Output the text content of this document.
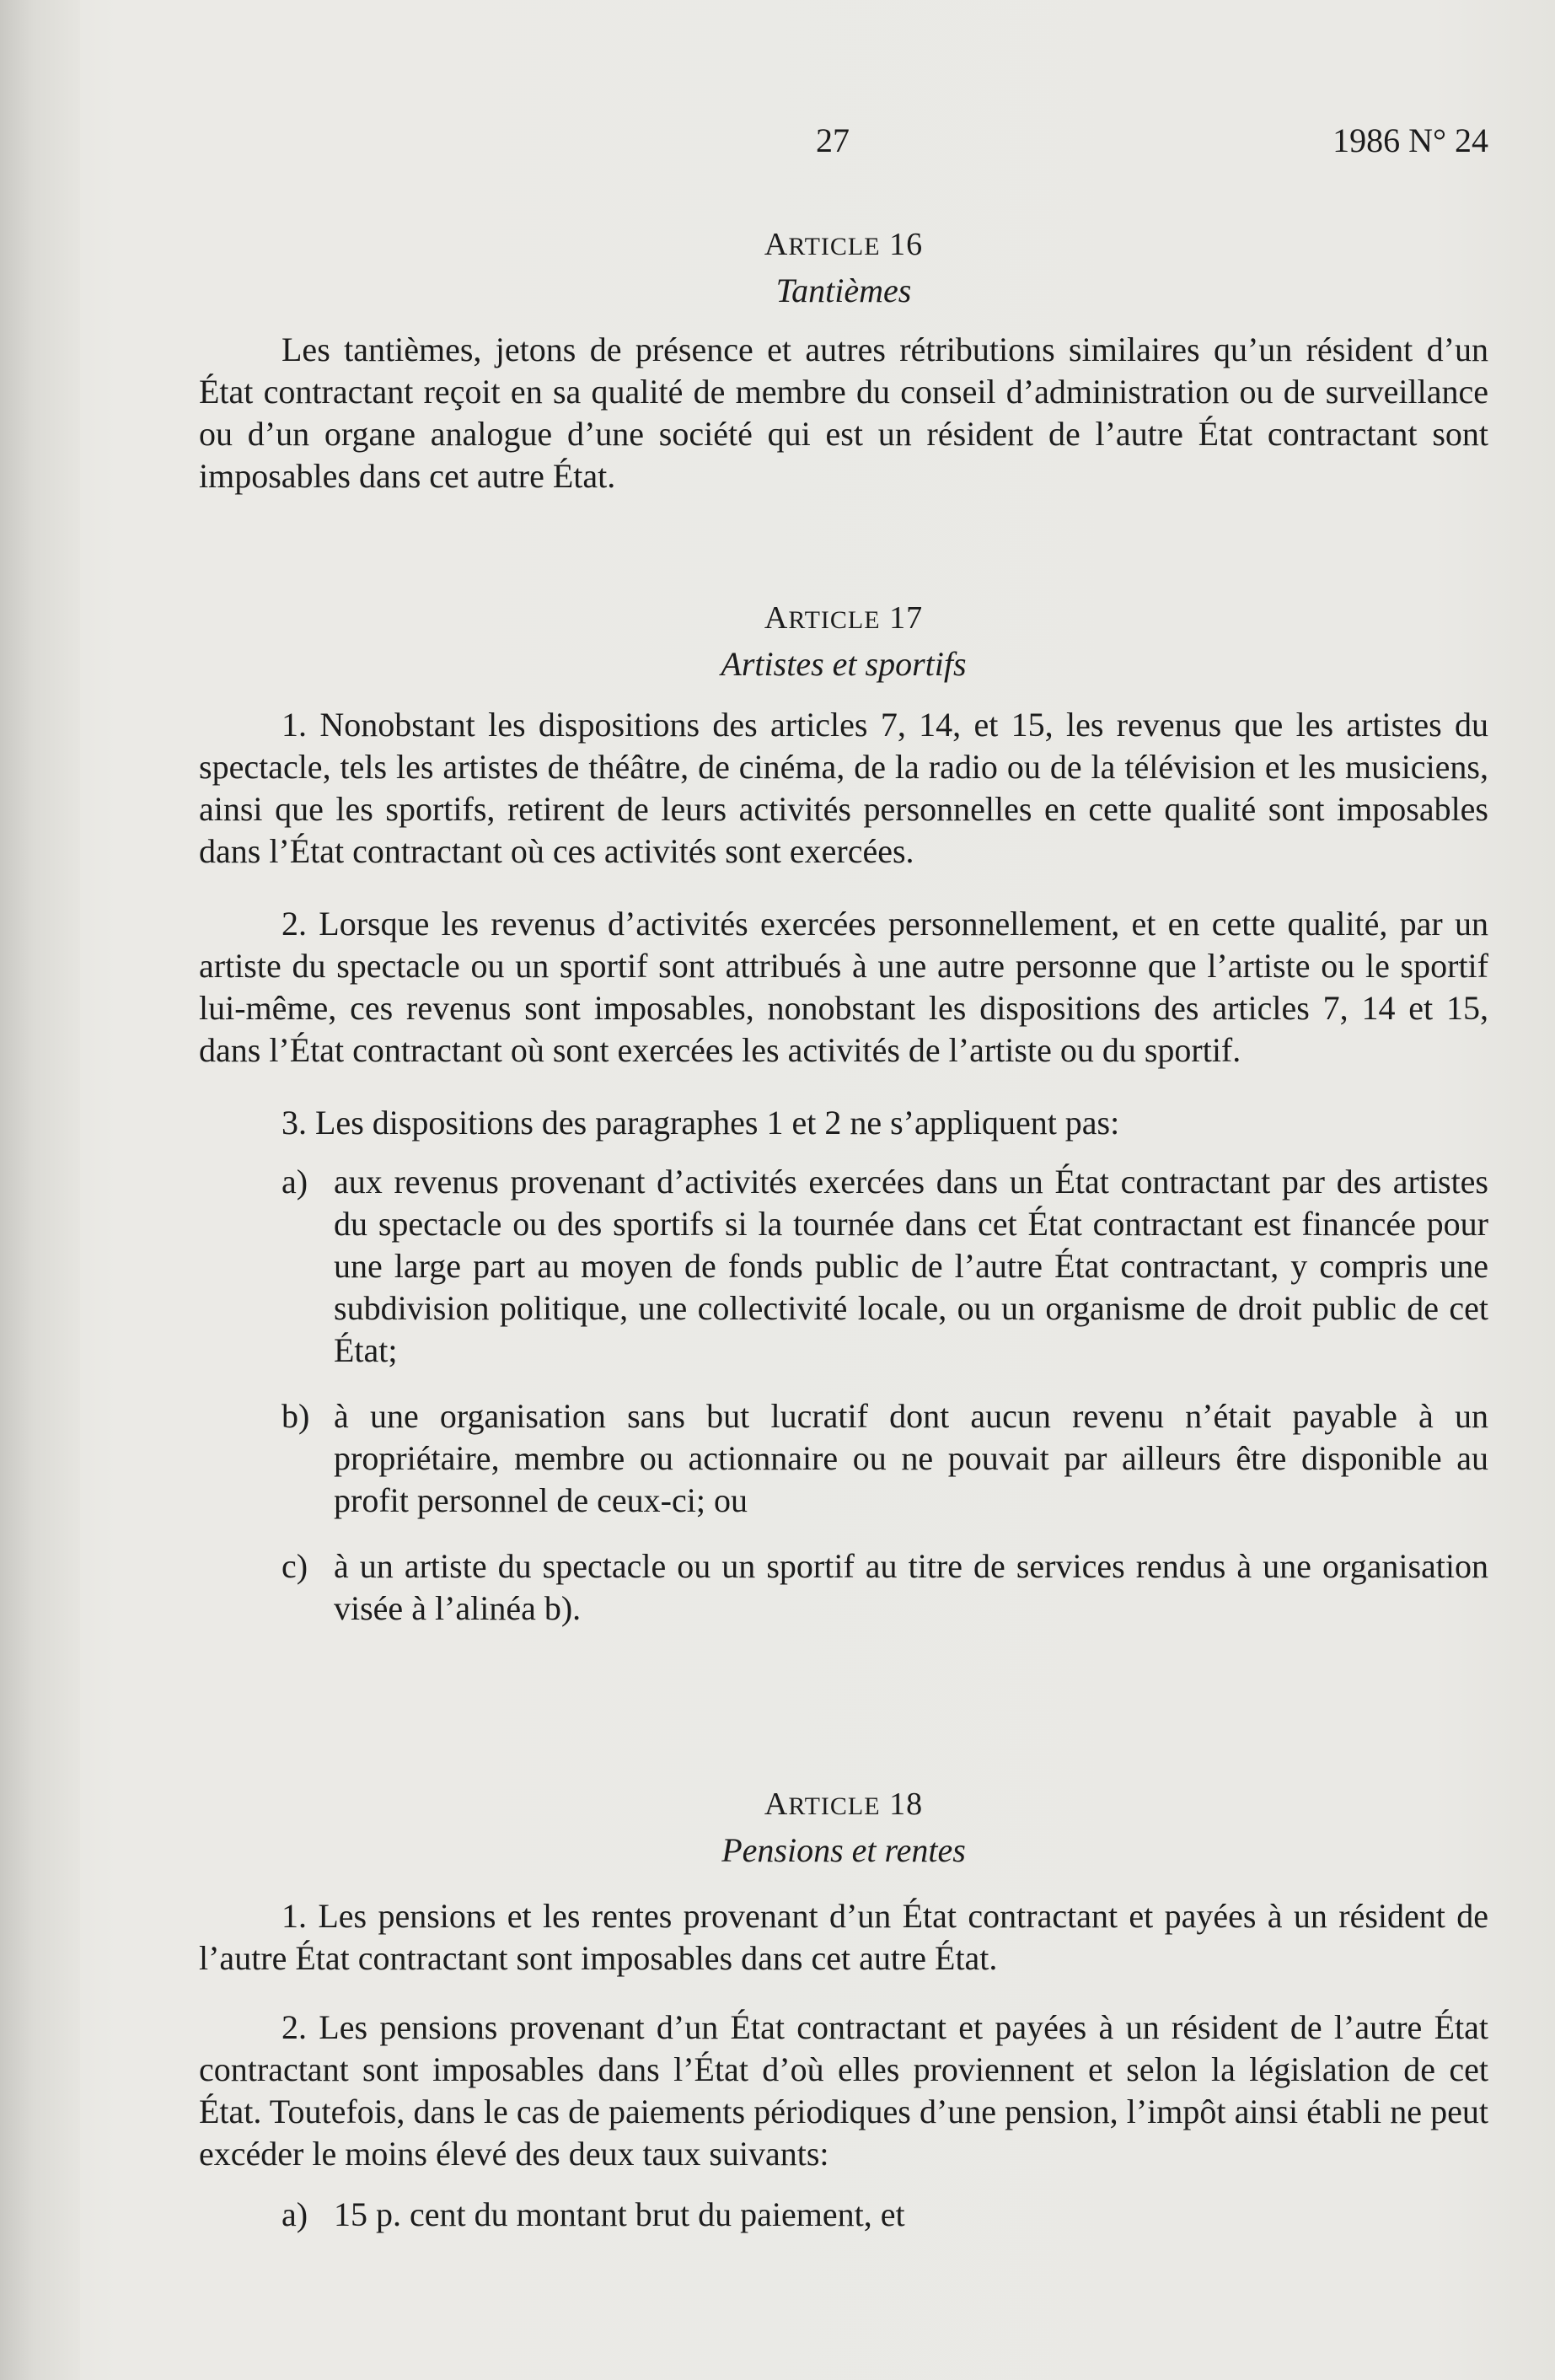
27	1986 N° 24
ARTICLE 16
Tantièmes

Les tantièmes, jetons de présence et autres rétributions similaires qu’un résident d’un État contractant reçoit en sa qualité de membre du conseil d’administration ou de surveillance ou d’un organe analogue d’une société qui est un résident de l’autre État contractant sont imposables dans cet autre État.

ARTICLE 17
Artistes et sportifs

1. Nonobstant les dispositions des articles 7, 14, et 15, les revenus que les artistes du spectacle, tels les artistes de théâtre, de cinéma, de la radio ou de la télévision et les musiciens, ainsi que les sportifs, retirent de leurs activités personnelles en cette qualité sont imposables dans l’État contractant où ces activités sont exercées.

2. Lorsque les revenus d’activités exercées personnellement, et en cette qualité, par un artiste du spectacle ou un sportif sont attribués à une autre personne que l’artiste ou le sportif lui-même, ces revenus sont imposables, nonobstant les dispositions des articles 7, 14 et 15, dans l’État contractant où sont exercées les activités de l’artiste ou du sportif.

3. Les dispositions des paragraphes 1 et 2 ne s’appliquent pas:

a) aux revenus provenant d’activités exercées dans un État contractant par des artistes du spectacle ou des sportifs si la tournée dans cet État contractant est financée pour une large part au moyen de fonds public de l’autre État contractant, y compris une subdivision politique, une collectivité locale, ou un organisme de droit public de cet État;
b) à une organisation sans but lucratif dont aucun revenu n’était payable à un propriétaire, membre ou actionnaire ou ne pouvait par ailleurs être disponible au profit personnel de ceux-ci; ou
c) à un artiste du spectacle ou un sportif au titre de services rendus à une organisation visée à l’alinéa b).
ARTICLE 18
Pensions et rentes

1. Les pensions et les rentes provenant d’un État contractant et payées à un résident de l’autre État contractant sont imposables dans cet autre État.

2. Les pensions provenant d’un État contractant et payées à un résident de l’autre État contractant sont imposables dans l’État d’où elles proviennent et selon la législation de cet État. Toutefois, dans le cas de paiements périodiques d’une pension, l’impôt ainsi établi ne peut excéder le moins élevé des deux taux suivants:

a) 15 p. cent du montant brut du paiement, et
